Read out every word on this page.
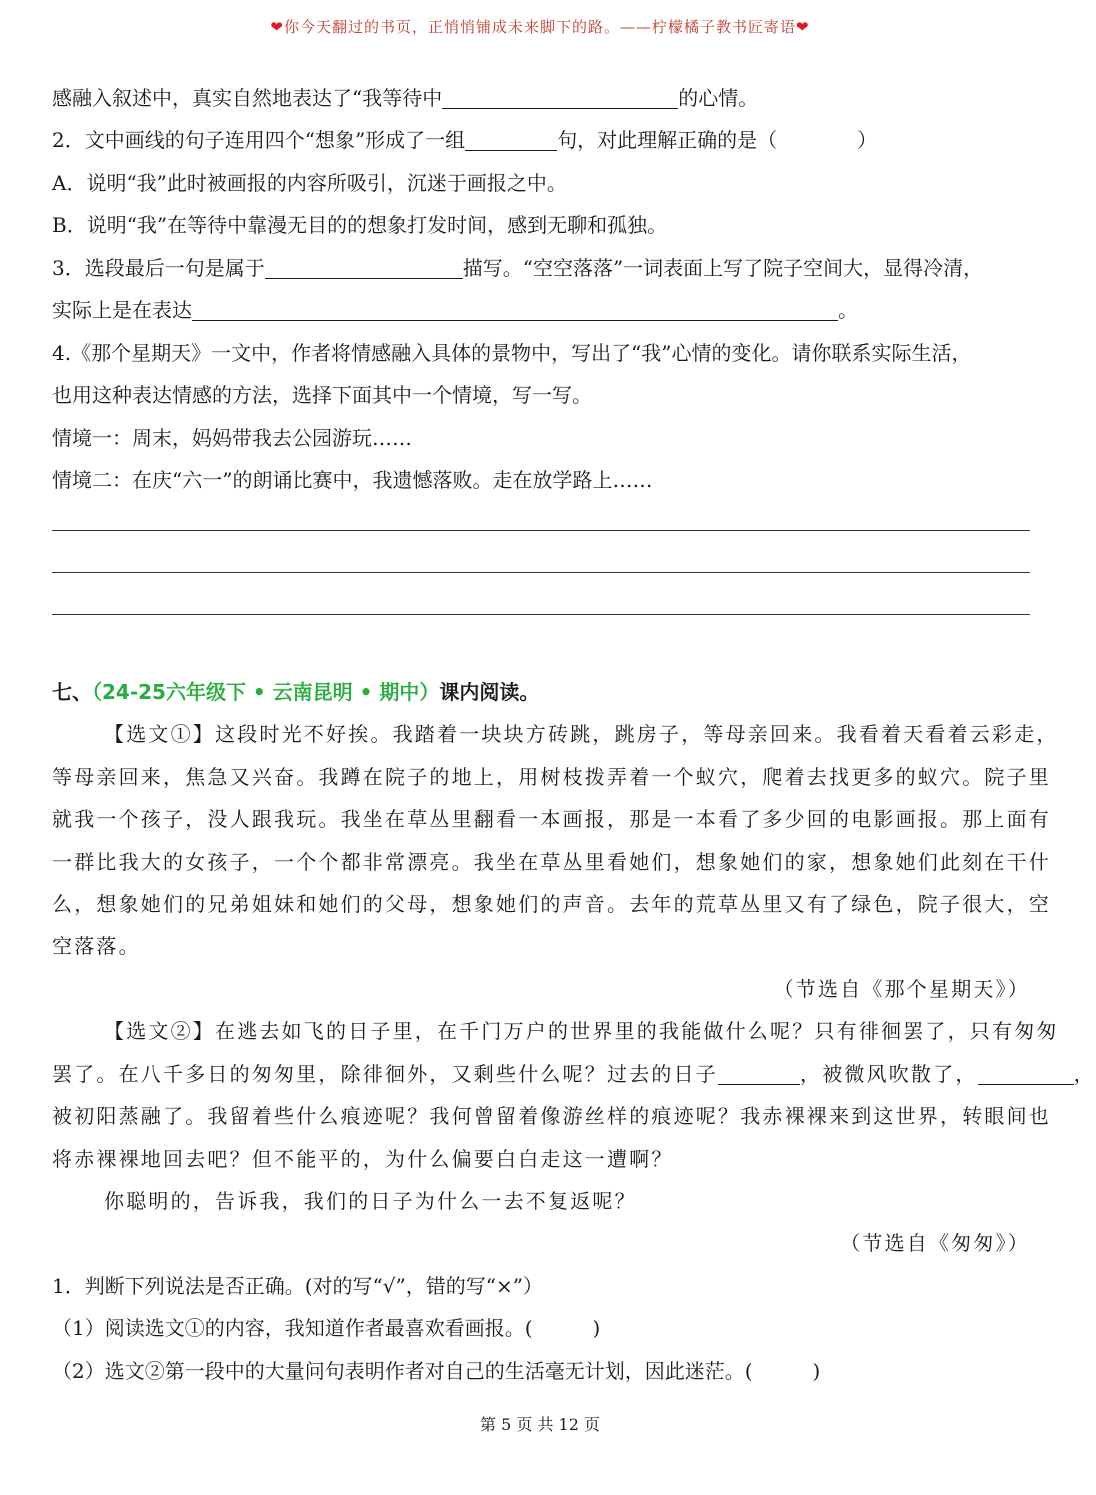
❤你今天翻过的书页，正悄悄铺成未来脚下的路。——柠檬橘子教书匠寄语❤
感融入叙述中，真实自然地表达了“我等待中	的心情。
2．文中画线的句子连用四个“想象”形成了一组	句，对此理解正确的是（　　　　）
A．说明“我”此时被画报的内容所吸引，沉迷于画报之中。
B．说明“我”在等待中靠漫无目的的想象打发时间，感到无聊和孤独。
3．选段最后一句是属于	描写。“空空落落”一词表面上写了院子空间大，显得冷清，
实际上是在表达	。
4.《那个星期天》一文中，作者将情感融入具体的景物中，写出了“我”心情的变化。请你联系实际生活，
也用这种表达情感的方法，选择下面其中一个情境，写一写。
情境一：周末，妈妈带我去公园游玩……
情境二：在庆“六一”的朗诵比赛中，我遗憾落败。走在放学路上……
七、（24-25六年级下 • 云南昆明 • 期中）课内阅读。
【选文①】这段时光不好挨。我踏着一块块方砖跳，跳房子，等母亲回来。我看着天看着云彩走，
等母亲回来，焦急又兴奋。我蹲在院子的地上，用树枝拨弄着一个蚁穴，爬着去找更多的蚁穴。院子里
就我一个孩子，没人跟我玩。我坐在草丛里翻看一本画报，那是一本看了多少回的电影画报。那上面有
一群比我大的女孩子，一个个都非常漂亮。我坐在草丛里看她们，想象她们的家，想象她们此刻在干什
么，想象她们的兄弟姐妹和她们的父母，想象她们的声音。去年的荒草丛里又有了绿色，院子很大，空
空落落。
（节选自《那个星期天》）
【选文②】在逃去如飞的日子里，在千门万户的世界里的我能做什么呢？只有徘徊罢了，只有匆匆
罢了。在八千多日的匆匆里，除徘徊外，又剩些什么呢？过去的日子	，被微风吹散了，	，
被初阳蒸融了。我留着些什么痕迹呢？我何曾留着像游丝样的痕迹呢？我赤裸裸来到这世界，转眼间也
将赤裸裸地回去吧？但不能平的，为什么偏要白白走这一遭啊？
你聪明的，告诉我，我们的日子为什么一去不复返呢？
（节选自《匆匆》）
1．判断下列说法是否正确。(对的写“√”，错的写“×”）
（1）阅读选文①的内容，我知道作者最喜欢看画报。(　　　)
（2）选文②第一段中的大量问句表明作者对自己的生活毫无计划，因此迷茫。(　　　)
第 5 页 共 12 页
